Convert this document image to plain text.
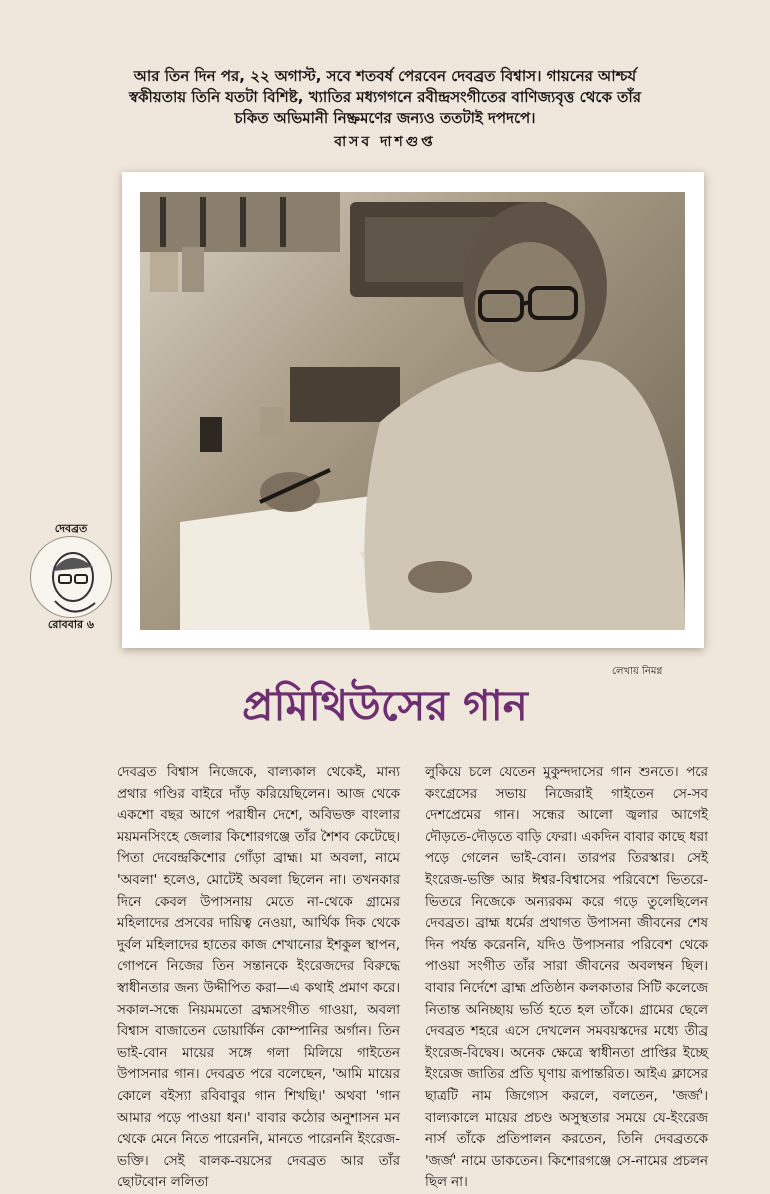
আর তিন দিন পর, ২২ অগাস্ট, সবে শতবর্ষ পেরবেন দেবব্রত বিশ্বাস। গায়নের আশ্চর্য স্বকীয়তায় তিনি যতটা বিশিষ্ট, খ্যাতির মধ্যগগনে রবীন্দ্রসংগীতের বাণিজ্যবৃত্ত থেকে তাঁর চকিত অভিমানী নিষ্ক্রমণের জন্যও ততটাই দপদপে।
বাসব দাশগুপ্ত
দেবব্রত
রোববার ৬
লেখায় নিমগ্ন
প্রমিথিউসের গান
দেবব্রত বিশ্বাস নিজেকে, বাল্যকাল থেকেই, মান্য প্রথার গণ্ডির বাইরে দাঁড় করিয়েছিলেন। আজ থেকে একশো বছর আগে পরাধীন দেশে, অবিভক্ত বাংলার ময়মনসিংহে জেলার কিশোরগঞ্জে তাঁর শৈশব কেটেছে। পিতা দেবেন্দ্রকিশোর গোঁড়া ব্রাহ্ম। মা অবলা, নামে 'অবলা' হলেও, মোটেই অবলা ছিলেন না। তখনকার দিনে কেবল উপাসনায় মেতে না-থেকে গ্রামের মহিলাদের প্রসবের দায়িত্ব নেওয়া, আর্থিক দিক থেকে দুর্বল মহিলাদের হাতের কাজ শেখানোর ইশকুল স্থাপন, গোপনে নিজের তিন সন্তানকে ইংরেজদের বিরুদ্ধে স্বাধীনতার জন্য উদ্দীপিত করা—এ কথাই প্রমাণ করে। সকাল-সন্ধে নিয়মমতো ব্রহ্মসংগীত গাওয়া, অবলা বিশ্বাস বাজাতেন ডোয়ার্কিন কোম্পানির অর্গান। তিন ভাই-বোন মায়ের সঙ্গে গলা মিলিয়ে গাইতেন উপাসনার গান। দেবব্রত পরে বলেছেন, 'আমি মায়ের কোলে বইস্যা রবিবাবুর গান শিখছি।' অথবা 'গান আমার পড়ে পাওয়া ধন।' বাবার কঠোর অনুশাসন মন থেকে মেনে নিতে পারেননি, মানতে পারেননি ইংরেজ-ভক্তি। সেই বালক-বয়সের দেবব্রত আর তাঁর ছোটবোন ললিতা
লুকিয়ে চলে যেতেন মুকুন্দদাসের গান শুনতে। পরে কংগ্রেসের সভায় নিজেরাই গাইতেন সে-সব দেশপ্রেমের গান। সন্ধের আলো জ্বলার আগেই দৌড়তে-দৌড়তে বাড়ি ফেরা। একদিন বাবার কাছে ধরা পড়ে গেলেন ভাই-বোন। তারপর তিরস্কার। সেই ইংরেজ-ভক্তি আর ঈশ্বর-বিশ্বাসের পরিবেশে ভিতরে-ভিতরে নিজেকে অন্যরকম করে গড়ে তুলেছিলেন দেবব্রত। ব্রাহ্ম ধর্মের প্রথাগত উপাসনা জীবনের শেষ দিন পর্যন্ত করেননি, যদিও উপাসনার পরিবেশ থেকে পাওয়া সংগীত তাঁর সারা জীবনের অবলম্বন ছিল। বাবার নির্দেশে ব্রাহ্ম প্রতিষ্ঠান কলকাতার সিটি কলেজে নিতান্ত অনিচ্ছায় ভর্তি হতে হল তাঁকে। গ্রামের ছেলে দেবব্রত শহরে এসে দেখলেন সমবয়স্কদের মধ্যে তীব্র ইংরেজ-বিদ্বেষ। অনেক ক্ষেত্রে স্বাধীনতা প্রাপ্তির ইচ্ছে ইংরেজ জাতির প্রতি ঘৃণায় রূপান্তরিত। আইএ ক্লাসের ছাত্রটি নাম জিগ্যেস করলে, বলতেন, 'জর্জ'। বাল্যকালে মায়ের প্রচণ্ড অসুস্থতার সময়ে যে-ইংরেজ নার্স তাঁকে প্রতিপালন করতেন, তিনি দেবব্রতকে 'জর্জ' নামে ডাকতেন। কিশোরগঞ্জে সে-নামের প্রচলন ছিল না।
